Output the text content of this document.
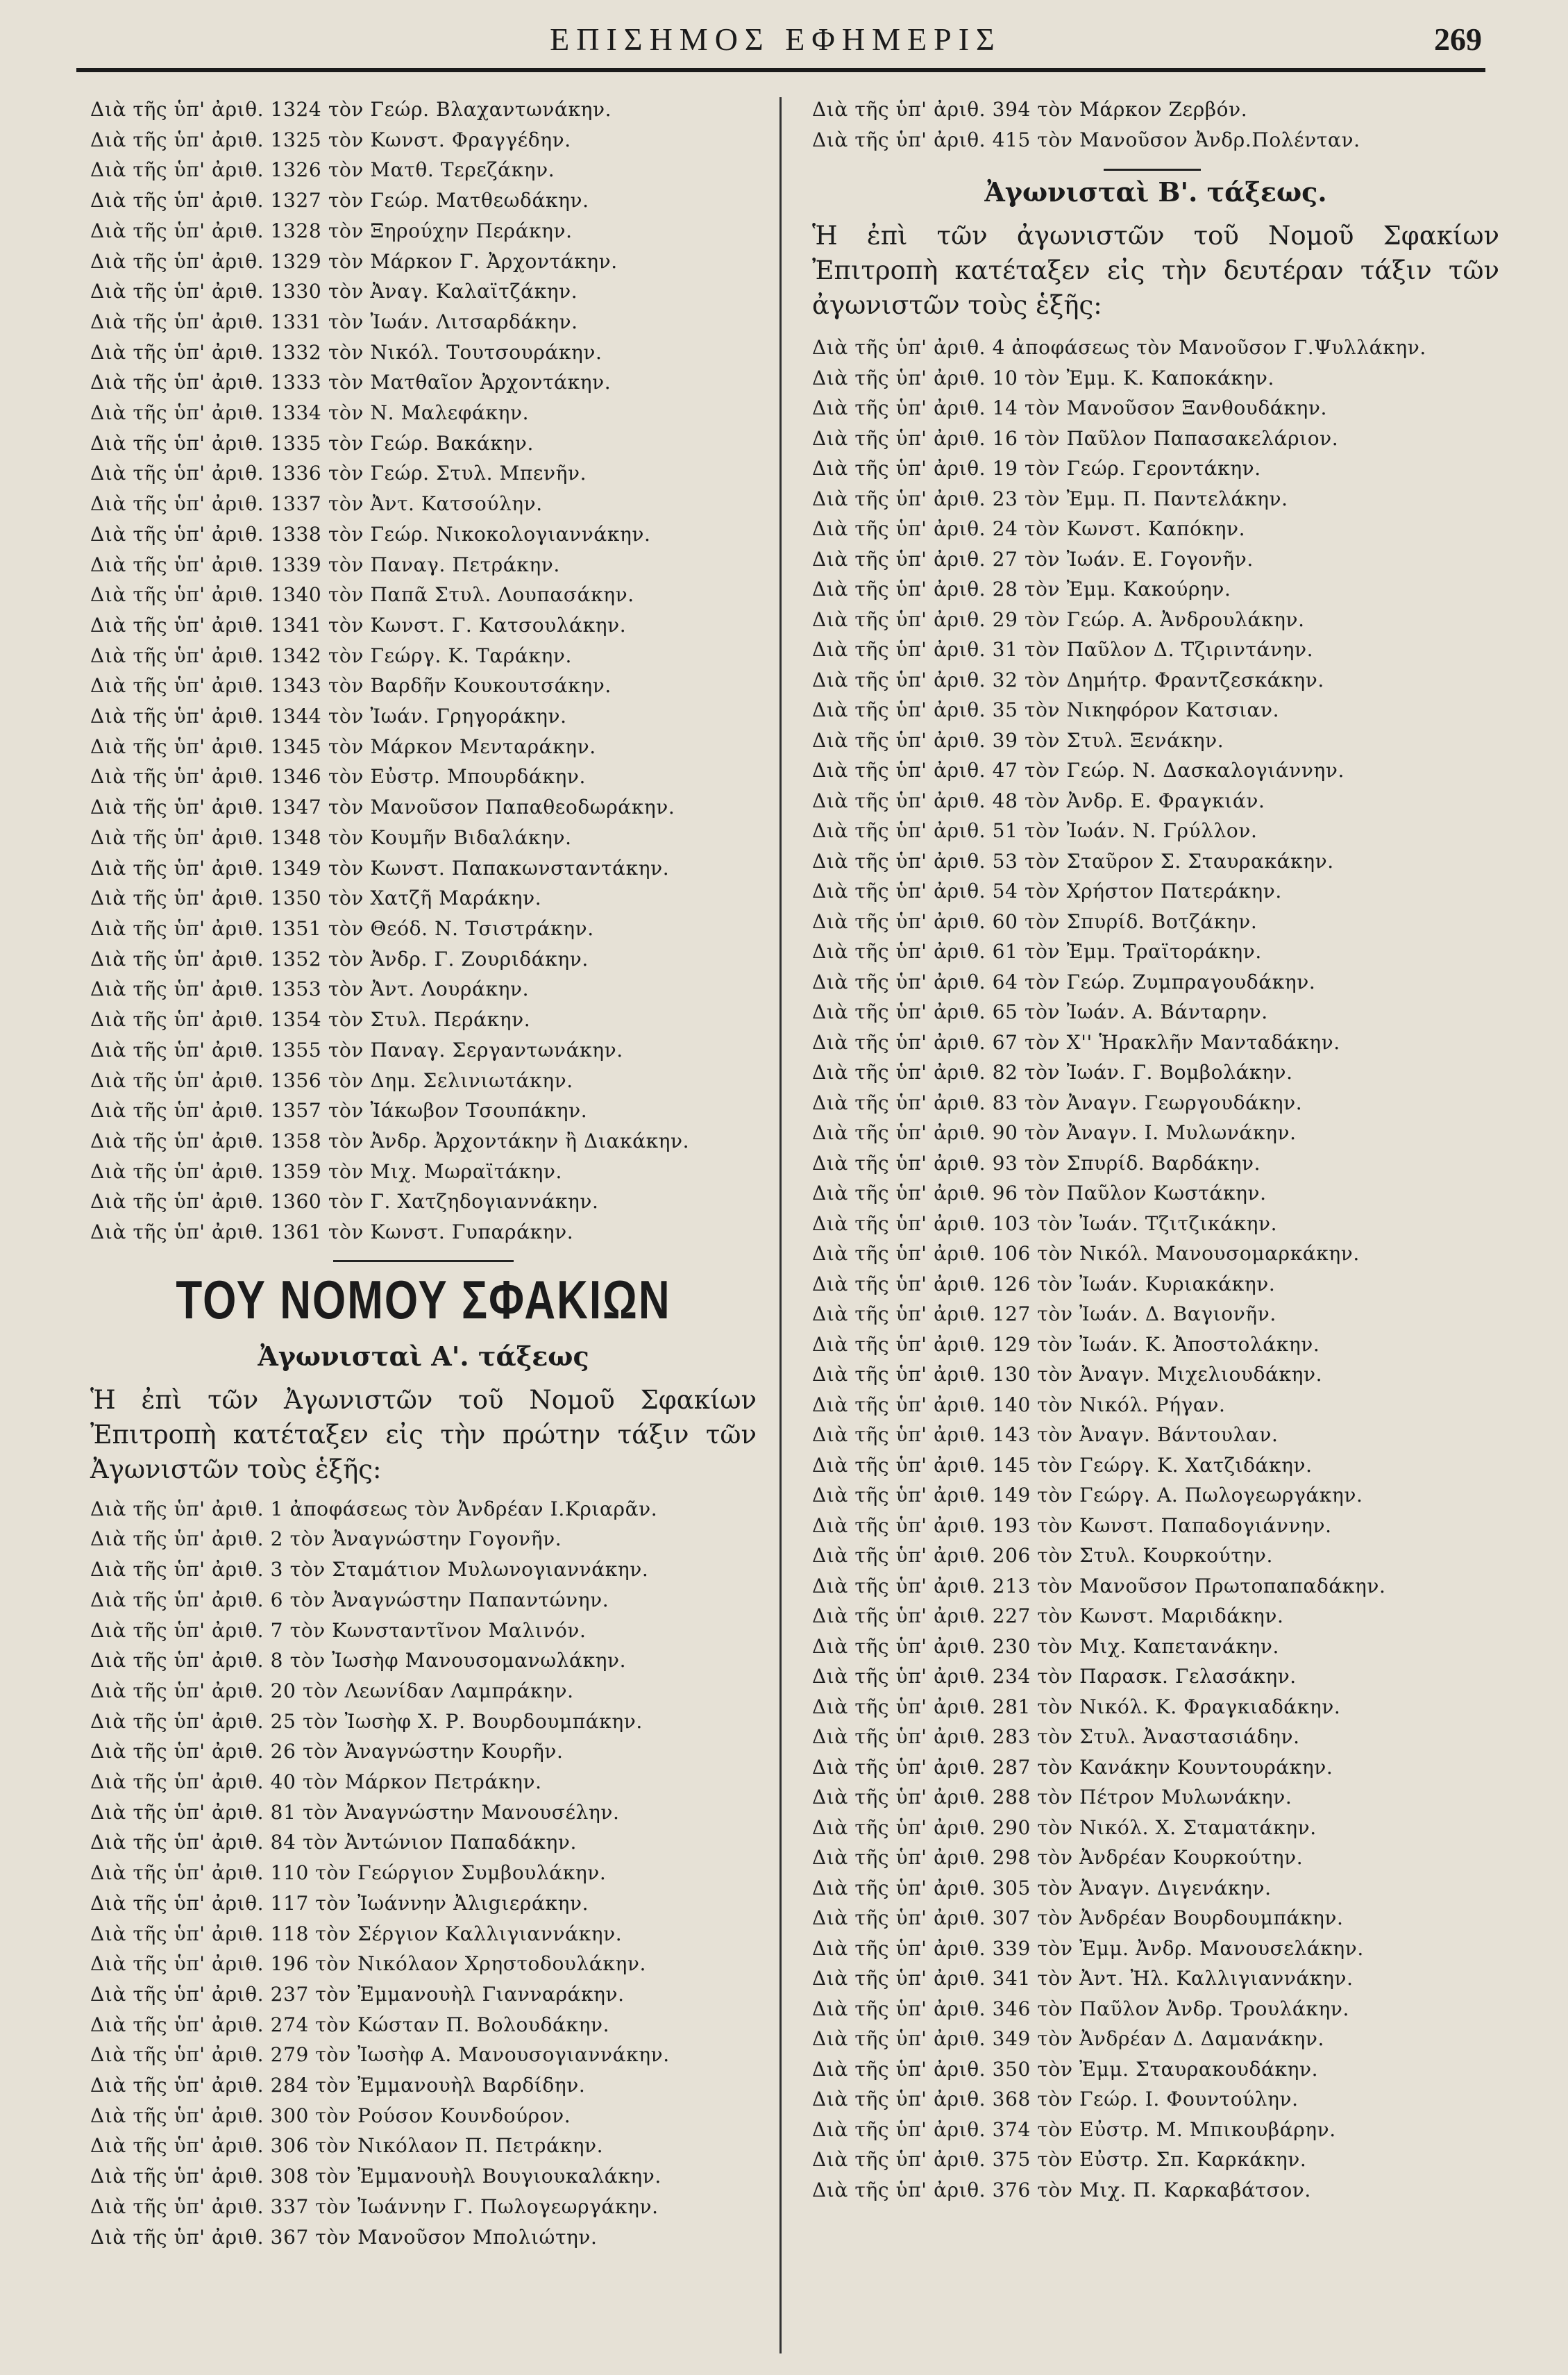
ΕΠΙΣΗΜΟΣ ΕΦΗΜΕΡΙΣ	269
Διὰ τῆς ὑπ' ἀριθ. 1324 τὸν Γεώρ. Βλαχαντωνάκην.
Διὰ τῆς ὑπ' ἀριθ. 1325 τὸν Κωνστ. Φραγγέδην.
Διὰ τῆς ὑπ' ἀριθ. 1326 τὸν Ματθ. Τερεζάκην.
Διὰ τῆς ὑπ' ἀριθ. 1327 τὸν Γεώρ. Ματθεωδάκην.
Διὰ τῆς ὑπ' ἀριθ. 1328 τὸν Ξηρούχην Περάκην.
Διὰ τῆς ὑπ' ἀριθ. 1329 τὸν Μάρκον Γ. Ἀρχοντάκην.
Διὰ τῆς ὑπ' ἀριθ. 1330 τὸν Ἀναγ. Καλαϊτζάκην.
Διὰ τῆς ὑπ' ἀριθ. 1331 τὸν Ἰωάν. Λιτσαρδάκην.
Διὰ τῆς ὑπ' ἀριθ. 1332 τὸν Νικόλ. Τουτσουράκην.
Διὰ τῆς ὑπ' ἀριθ. 1333 τὸν Ματθαῖον Ἀρχοντάκην.
Διὰ τῆς ὑπ' ἀριθ. 1334 τὸν Ν. Μαλεφάκην.
Διὰ τῆς ὑπ' ἀριθ. 1335 τὸν Γεώρ. Βακάκην.
Διὰ τῆς ὑπ' ἀριθ. 1336 τὸν Γεώρ. Στυλ. Μπενῆν.
Διὰ τῆς ὑπ' ἀριθ. 1337 τὸν Ἀντ. Κατσούλην.
Διὰ τῆς ὑπ' ἀριθ. 1338 τὸν Γεώρ. Νικοκολογιαννάκην.
Διὰ τῆς ὑπ' ἀριθ. 1339 τὸν Παναγ. Πετράκην.
Διὰ τῆς ὑπ' ἀριθ. 1340 τὸν Παπᾶ Στυλ. Λουπασάκην.
Διὰ τῆς ὑπ' ἀριθ. 1341 τὸν Κωνστ. Γ. Κατσουλάκην.
Διὰ τῆς ὑπ' ἀριθ. 1342 τὸν Γεώργ. Κ. Ταράκην.
Διὰ τῆς ὑπ' ἀριθ. 1343 τὸν Βαρδῆν Κουκουτσάκην.
Διὰ τῆς ὑπ' ἀριθ. 1344 τὸν Ἰωάν. Γρηγοράκην.
Διὰ τῆς ὑπ' ἀριθ. 1345 τὸν Μάρκον Μενταράκην.
Διὰ τῆς ὑπ' ἀριθ. 1346 τὸν Εὐστρ. Μπουρδάκην.
Διὰ τῆς ὑπ' ἀριθ. 1347 τὸν Μανοῦσον Παπαθεοδωράκην.
Διὰ τῆς ὑπ' ἀριθ. 1348 τὸν Κουμῆν Βιδαλάκην.
Διὰ τῆς ὑπ' ἀριθ. 1349 τὸν Κωνστ. Παπακωνσταντάκην.
Διὰ τῆς ὑπ' ἀριθ. 1350 τὸν Χατζῆ Μαράκην.
Διὰ τῆς ὑπ' ἀριθ. 1351 τὸν Θεόδ. Ν. Τσιστράκην.
Διὰ τῆς ὑπ' ἀριθ. 1352 τὸν Ἀνδρ. Γ. Ζουριδάκην.
Διὰ τῆς ὑπ' ἀριθ. 1353 τὸν Ἀντ. Λουράκην.
Διὰ τῆς ὑπ' ἀριθ. 1354 τὸν Στυλ. Περάκην.
Διὰ τῆς ὑπ' ἀριθ. 1355 τὸν Παναγ. Σεργαντωνάκην.
Διὰ τῆς ὑπ' ἀριθ. 1356 τὸν Δημ. Σελινιωτάκην.
Διὰ τῆς ὑπ' ἀριθ. 1357 τὸν Ἰάκωβον Τσουπάκην.
Διὰ τῆς ὑπ' ἀριθ. 1358 τὸν Ἀνδρ. Ἀρχοντάκην ἢ Διακάκην.
Διὰ τῆς ὑπ' ἀριθ. 1359 τὸν Μιχ. Μωραϊτάκην.
Διὰ τῆς ὑπ' ἀριθ. 1360 τὸν Γ. Χατζηδογιαννάκην.
Διὰ τῆς ὑπ' ἀριθ. 1361 τὸν Κωνστ. Γυπαράκην.
ΤΟΥ ΝΟΜΟΥ ΣΦΑΚΙΩΝ
Ἀγωνισταὶ Α'. τάξεως
Ἡ ἐπὶ τῶν Ἀγωνιστῶν τοῦ Νομοῦ Σφακίων Ἐπιτροπὴ κατέταξεν εἰς τὴν πρώτην τάξιν τῶν Ἀγωνιστῶν τοὺς ἑξῆς:
Διὰ τῆς ὑπ' ἀριθ. 1 ἀποφάσεως τὸν Ἀνδρέαν Ι.Κριαρᾶν.
Διὰ τῆς ὑπ' ἀριθ. 2 τὸν Ἀναγνώστην Γογονῆν.
Διὰ τῆς ὑπ' ἀριθ. 3 τὸν Σταμάτιον Μυλωνογιαννάκην.
Διὰ τῆς ὑπ' ἀριθ. 6 τὸν Ἀναγνώστην Παπαντώνην.
Διὰ τῆς ὑπ' ἀριθ. 7 τὸν Κωνσταντῖνον Μαλινόν.
Διὰ τῆς ὑπ' ἀριθ. 8 τὸν Ἰωσὴφ Μανουσομανωλάκην.
Διὰ τῆς ὑπ' ἀριθ. 20 τὸν Λεωνίδαν Λαμπράκην.
Διὰ τῆς ὑπ' ἀριθ. 25 τὸν Ἰωσὴφ Χ. Ρ. Βουρδουμπάκην.
Διὰ τῆς ὑπ' ἀριθ. 26 τὸν Ἀναγνώστην Κουρῆν.
Διὰ τῆς ὑπ' ἀριθ. 40 τὸν Μάρκον Πετράκην.
Διὰ τῆς ὑπ' ἀριθ. 81 τὸν Ἀναγνώστην Μανουσέλην.
Διὰ τῆς ὑπ' ἀριθ. 84 τὸν Ἀντώνιον Παπαδάκην.
Διὰ τῆς ὑπ' ἀριθ. 110 τὸν Γεώργιον Συμβουλάκην.
Διὰ τῆς ὑπ' ἀριθ. 117 τὸν Ἰωάννην Ἀλιgιεράκην.
Διὰ τῆς ὑπ' ἀριθ. 118 τὸν Σέργιον Καλλιγιαννάκην.
Διὰ τῆς ὑπ' ἀριθ. 196 τὸν Νικόλαον Χρηστοδουλάκην.
Διὰ τῆς ὑπ' ἀριθ. 237 τὸν Ἐμμανουὴλ Γιανναράκην.
Διὰ τῆς ὑπ' ἀριθ. 274 τὸν Κώσταν Π. Βολουδάκην.
Διὰ τῆς ὑπ' ἀριθ. 279 τὸν Ἰωσὴφ Α. Μανουσογιαννάκην.
Διὰ τῆς ὑπ' ἀριθ. 284 τὸν Ἐμμανουὴλ Βαρδίδην.
Διὰ τῆς ὑπ' ἀριθ. 300 τὸν Ρούσον Κουνδούρον.
Διὰ τῆς ὑπ' ἀριθ. 306 τὸν Νικόλαον Π. Πετράκην.
Διὰ τῆς ὑπ' ἀριθ. 308 τὸν Ἐμμανουὴλ Βουγιουκαλάκην.
Διὰ τῆς ὑπ' ἀριθ. 337 τὸν Ἰωάννην Γ. Πωλογεωργάκην.
Διὰ τῆς ὑπ' ἀριθ. 367 τὸν Μανοῦσον Μπολιώτην.
Διὰ τῆς ὑπ' ἀριθ. 394 τὸν Μάρκον Ζερβόν.
Διὰ τῆς ὑπ' ἀριθ. 415 τὸν Μανοῦσον Ἀνδρ.Πολένταν.
Ἀγωνισταὶ Β'. τάξεως.
Ἡ ἐπὶ τῶν ἀγωνιστῶν τοῦ Νομοῦ Σφακίων Ἐπιτροπὴ κατέταξεν εἰς τὴν δευτέραν τάξιν τῶν ἀγωνιστῶν τοὺς ἑξῆς:
Διὰ τῆς ὑπ' ἀριθ. 4 ἀποφάσεως τὸν Μανοῦσον Γ.Ψυλλάκην.
Διὰ τῆς ὑπ' ἀριθ. 10 τὸν Ἐμμ. Κ. Καποκάκην.
Διὰ τῆς ὑπ' ἀριθ. 14 τὸν Μανοῦσον Ξανθουδάκην.
Διὰ τῆς ὑπ' ἀριθ. 16 τὸν Παῦλον Παπασακελάριον.
Διὰ τῆς ὑπ' ἀριθ. 19 τὸν Γεώρ. Γεροντάκην.
Διὰ τῆς ὑπ' ἀριθ. 23 τὸν Ἐμμ. Π. Παντελάκην.
Διὰ τῆς ὑπ' ἀριθ. 24 τὸν Κωνστ. Καπόκην.
Διὰ τῆς ὑπ' ἀριθ. 27 τὸν Ἰωάν. Ε. Γογονῆν.
Διὰ τῆς ὑπ' ἀριθ. 28 τὸν Ἐμμ. Κακούρην.
Διὰ τῆς ὑπ' ἀριθ. 29 τὸν Γεώρ. Α. Ἀνδρουλάκην.
Διὰ τῆς ὑπ' ἀριθ. 31 τὸν Παῦλον Δ. Τζιριντάνην.
Διὰ τῆς ὑπ' ἀριθ. 32 τὸν Δημήτρ. Φραντζεσκάκην.
Διὰ τῆς ὑπ' ἀριθ. 35 τὸν Νικηφόρον Κατσιαν.
Διὰ τῆς ὑπ' ἀριθ. 39 τὸν Στυλ. Ξενάκην.
Διὰ τῆς ὑπ' ἀριθ. 47 τὸν Γεώρ. Ν. Δασκαλογιάννην.
Διὰ τῆς ὑπ' ἀριθ. 48 τὸν Ἀνδρ. Ε. Φραγκιάν.
Διὰ τῆς ὑπ' ἀριθ. 51 τὸν Ἰωάν. Ν. Γρύλλον.
Διὰ τῆς ὑπ' ἀριθ. 53 τὸν Σταῦρον Σ. Σταυρακάκην.
Διὰ τῆς ὑπ' ἀριθ. 54 τὸν Χρήστον Πατεράκην.
Διὰ τῆς ὑπ' ἀριθ. 60 τὸν Σπυρίδ. Βοτζάκην.
Διὰ τῆς ὑπ' ἀριθ. 61 τὸν Ἐμμ. Τραϊτοράκην.
Διὰ τῆς ὑπ' ἀριθ. 64 τὸν Γεώρ. Ζυμπραγουδάκην.
Διὰ τῆς ὑπ' ἀριθ. 65 τὸν Ἰωάν. Α. Βάνταρην.
Διὰ τῆς ὑπ' ἀριθ. 67 τὸν Χ'' Ἡρακλῆν Μανταδάκην.
Διὰ τῆς ὑπ' ἀριθ. 82 τὸν Ἰωάν. Γ. Βομβολάκην.
Διὰ τῆς ὑπ' ἀριθ. 83 τὸν Ἀναγν. Γεωργουδάκην.
Διὰ τῆς ὑπ' ἀριθ. 90 τὸν Ἀναγν. Ι. Μυλωνάκην.
Διὰ τῆς ὑπ' ἀριθ. 93 τὸν Σπυρίδ. Βαρδάκην.
Διὰ τῆς ὑπ' ἀριθ. 96 τὸν Παῦλον Κωστάκην.
Διὰ τῆς ὑπ' ἀριθ. 103 τὸν Ἰωάν. Τζιτζικάκην.
Διὰ τῆς ὑπ' ἀριθ. 106 τὸν Νικόλ. Μανουσομαρκάκην.
Διὰ τῆς ὑπ' ἀριθ. 126 τὸν Ἰωάν. Κυριακάκην.
Διὰ τῆς ὑπ' ἀριθ. 127 τὸν Ἰωάν. Δ. Βαγιονῆν.
Διὰ τῆς ὑπ' ἀριθ. 129 τὸν Ἰωάν. Κ. Ἀποστολάκην.
Διὰ τῆς ὑπ' ἀριθ. 130 τὸν Ἀναγν. Μιχελιουδάκην.
Διὰ τῆς ὑπ' ἀριθ. 140 τὸν Νικόλ. Ρήγαν.
Διὰ τῆς ὑπ' ἀριθ. 143 τὸν Ἀναγν. Βάντουλαν.
Διὰ τῆς ὑπ' ἀριθ. 145 τὸν Γεώργ. Κ. Χατζιδάκην.
Διὰ τῆς ὑπ' ἀριθ. 149 τὸν Γεώργ. Α. Πωλογεωργάκην.
Διὰ τῆς ὑπ' ἀριθ. 193 τὸν Κωνστ. Παπαδογιάννην.
Διὰ τῆς ὑπ' ἀριθ. 206 τὸν Στυλ. Κουρκούτην.
Διὰ τῆς ὑπ' ἀριθ. 213 τὸν Μανοῦσον Πρωτοπαπαδάκην.
Διὰ τῆς ὑπ' ἀριθ. 227 τὸν Κωνστ. Μαριδάκην.
Διὰ τῆς ὑπ' ἀριθ. 230 τὸν Μιχ. Καπετανάκην.
Διὰ τῆς ὑπ' ἀριθ. 234 τὸν Παρασκ. Γελασάκην.
Διὰ τῆς ὑπ' ἀριθ. 281 τὸν Νικόλ. Κ. Φραγκιαδάκην.
Διὰ τῆς ὑπ' ἀριθ. 283 τὸν Στυλ. Ἀναστασιάδην.
Διὰ τῆς ὑπ' ἀριθ. 287 τὸν Κανάκην Κουντουράκην.
Διὰ τῆς ὑπ' ἀριθ. 288 τὸν Πέτρον Μυλωνάκην.
Διὰ τῆς ὑπ' ἀριθ. 290 τὸν Νικόλ. Χ. Σταματάκην.
Διὰ τῆς ὑπ' ἀριθ. 298 τὸν Ἀνδρέαν Κουρκούτην.
Διὰ τῆς ὑπ' ἀριθ. 305 τὸν Ἀναγν. Διγενάκην.
Διὰ τῆς ὑπ' ἀριθ. 307 τὸν Ἀνδρέαν Βουρδουμπάκην.
Διὰ τῆς ὑπ' ἀριθ. 339 τὸν Ἐμμ. Ἀνδρ. Μανουσελάκην.
Διὰ τῆς ὑπ' ἀριθ. 341 τὸν Ἀντ. Ἠλ. Καλλιγιαννάκην.
Διὰ τῆς ὑπ' ἀριθ. 346 τὸν Παῦλον Ἀνδρ. Τρουλάκην.
Διὰ τῆς ὑπ' ἀριθ. 349 τὸν Ἀνδρέαν Δ. Δαμανάκην.
Διὰ τῆς ὑπ' ἀριθ. 350 τὸν Ἐμμ. Σταυρακουδάκην.
Διὰ τῆς ὑπ' ἀριθ. 368 τὸν Γεώρ. Ι. Φουντούλην.
Διὰ τῆς ὑπ' ἀριθ. 374 τὸν Εὐστρ. Μ. Μπικουβάρην.
Διὰ τῆς ὑπ' ἀριθ. 375 τὸν Εὐστρ. Σπ. Καρκάκην.
Διὰ τῆς ὑπ' ἀριθ. 376 τὸν Μιχ. Π. Καρκαβάτσον.
